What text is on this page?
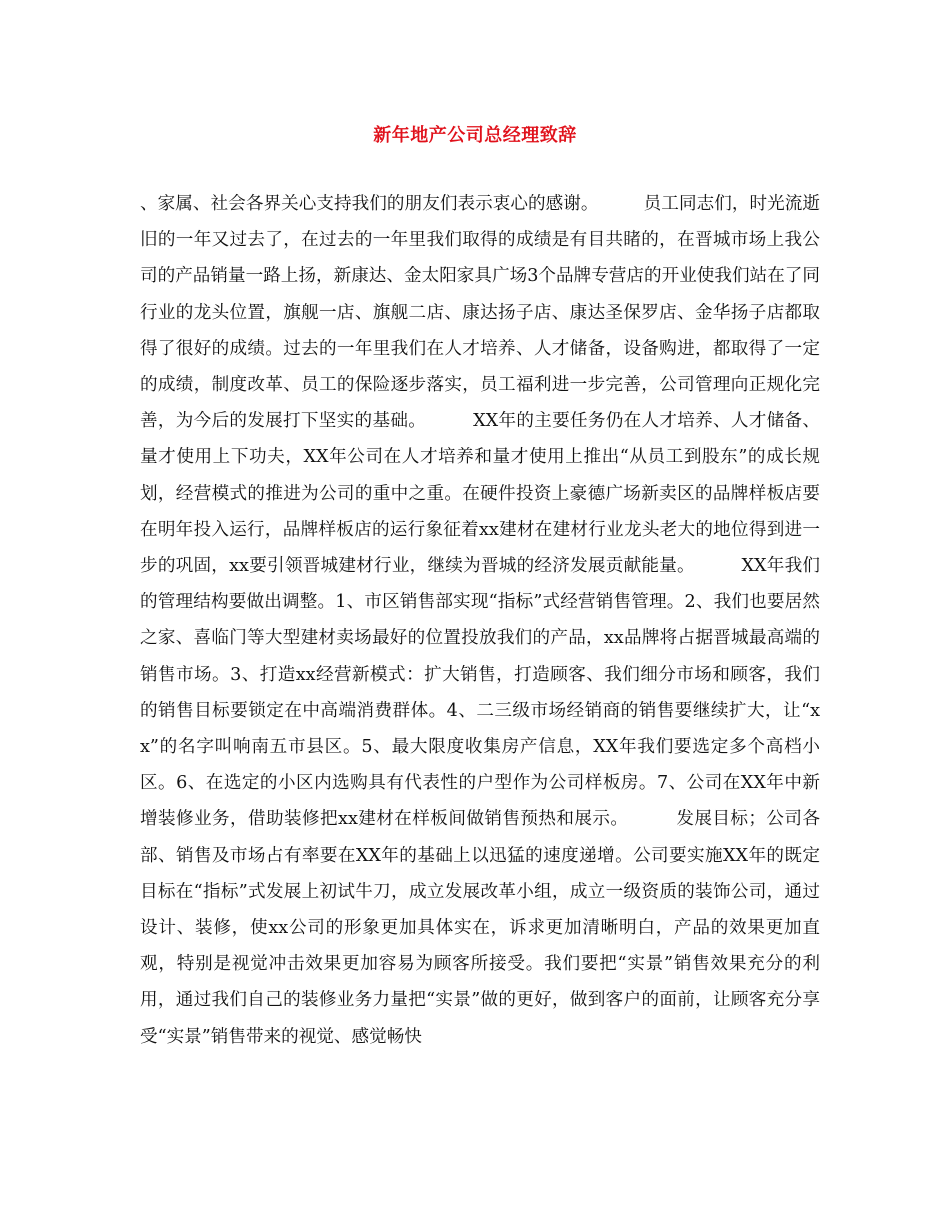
新年地产公司总经理致辞

、家属、社会各界关心支持我们的朋友们表示衷心的感谢。        员工同志们，时光流逝旧的一年又过去了，在过去的一年里我们取得的成绩是有目共睹的，在晋城市场上我公司的产品销量一路上扬，新康达、金太阳家具广场3个品牌专营店的开业使我们站在了同行业的龙头位置，旗舰一店、旗舰二店、康达扬子店、康达圣保罗店、金华扬子店都取得了很好的成绩。过去的一年里我们在人才培养、人才储备，设备购进，都取得了一定的成绩，制度改革、员工的保险逐步落实，员工福利进一步完善，公司管理向正规化完善，为今后的发展打下坚实的基础。        XX年的主要任务仍在人才培养、人才储备、量才使用上下功夫，XX年公司在人才培养和量才使用上推出“从员工到股东”的成长规划，经营模式的推进为公司的重中之重。在硬件投资上豪德广场新卖区的品牌样板店要在明年投入运行，品牌样板店的运行象征着xx建材在建材行业龙头老大的地位得到进一步的巩固，xx要引领晋城建材行业，继续为晋城的经济发展贡献能量。        XX年我们的管理结构要做出调整。1、市区销售部实现“指标”式经营销售管理。2、我们也要居然之家、喜临门等大型建材卖场最好的位置投放我们的产品，xx品牌将占据晋城最高端的销售市场。3、打造xx经营新模式：扩大销售，打造顾客、我们细分市场和顾客，我们的销售目标要锁定在中高端消费群体。4、二三级市场经销商的销售要继续扩大，让“xx”的名字叫响南五市县区。5、最大限度收集房产信息，XX年我们要选定多个高档小区。6、在选定的小区内选购具有代表性的户型作为公司样板房。7、公司在XX年中新增装修业务，借助装修把xx建材在样板间做销售预热和展示。        发展目标；公司各部、销售及市场占有率要在XX年的基础上以迅猛的速度递增。公司要实施XX年的既定目标在“指标”式发展上初试牛刀，成立发展改革小组，成立一级资质的装饰公司，通过设计、装修，使xx公司的形象更加具体实在，诉求更加清晰明白，产品的效果更加直观，特别是视觉冲击效果更加容易为顾客所接受。我们要把“实景”销售效果充分的利用，通过我们自己的装修业务力量把“实景”做的更好，做到客户的面前，让顾客充分享受“实景”销售带来的视觉、感觉畅快
